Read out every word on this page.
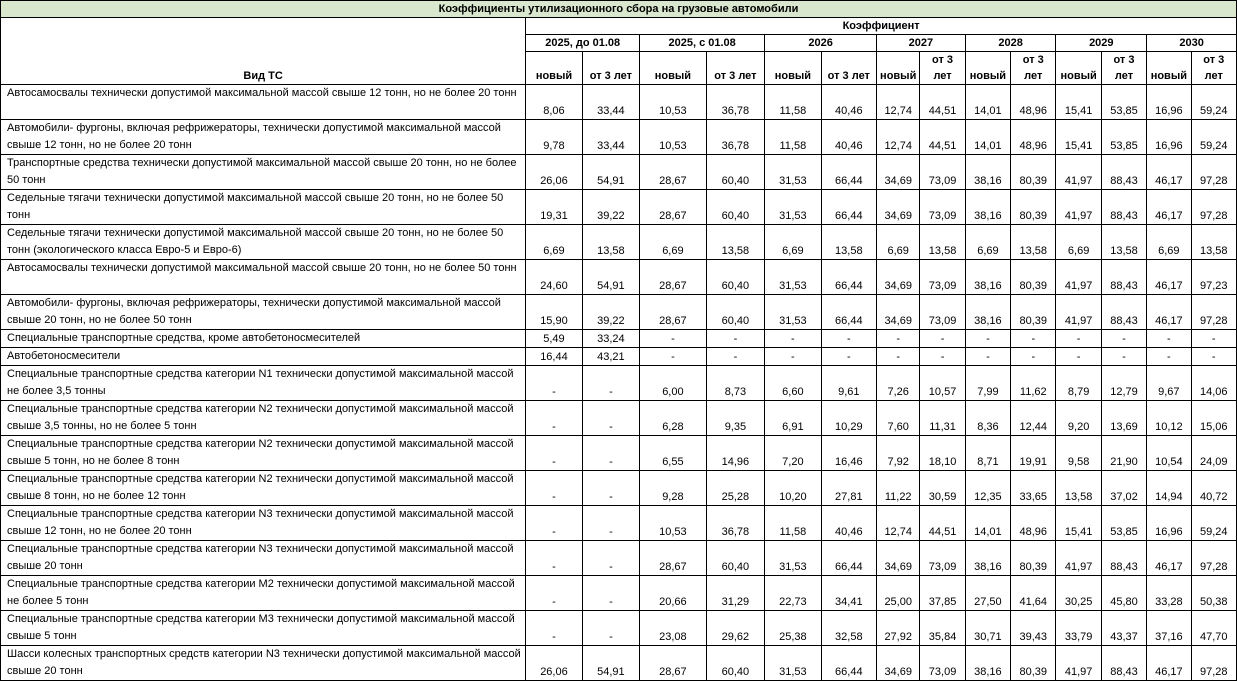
Коэффициенты утилизационного сбора на грузовые автомобили														
Вид ТС	Коэффициент													
	2025, до 01.08		2025, с 01.08		2026		2027		2028		2029		2030	
	новый	от 3 лет	новый	от 3 лет	новый	от 3 лет	новый	от 3	новый	от 3	новый	от 3	новый	от 3
								лет		лет		лет		лет
Автосамосвалы технически допустимой максимальной массой свыше 12 тонн, но не более 20 тонн	8,06	33,44	10,53	36,78	11,58	40,46	12,74	44,51	14,01	48,96	15,41	53,85	16,96	59,24
Автомобили- фургоны, включая рефрижераторы, технически допустимой максимальной массой свыше 12 тонн, но не более 20 тонн	9,78	33,44	10,53	36,78	11,58	40,46	12,74	44,51	14,01	48,96	15,41	53,85	16,96	59,24
Транспортные средства технически допустимой максимальной массой свыше 20 тонн, но не более 50 тонн	26,06	54,91	28,67	60,40	31,53	66,44	34,69	73,09	38,16	80,39	41,97	88,43	46,17	97,28
Седельные тягачи технически допустимой максимальной массой свыше 20 тонн, но не более 50 тонн	19,31	39,22	28,67	60,40	31,53	66,44	34,69	73,09	38,16	80,39	41,97	88,43	46,17	97,28
Седельные тягачи технически допустимой максимальной массой свыше 20 тонн, но не более 50 тонн (экологического класса Евро-5 и Евро-6)	6,69	13,58	6,69	13,58	6,69	13,58	6,69	13,58	6,69	13,58	6,69	13,58	6,69	13,58
Автосамосвалы технически допустимой максимальной массой свыше 20 тонн, но не более 50 тонн	24,60	54,91	28,67	60,40	31,53	66,44	34,69	73,09	38,16	80,39	41,97	88,43	46,17	97,23
Автомобили- фургоны, включая рефрижераторы, технически допустимой максимальной массой свыше 20 тонн, но не более 50 тонн	15,90	39,22	28,67	60,40	31,53	66,44	34,69	73,09	38,16	80,39	41,97	88,43	46,17	97,28
Специальные транспортные средства, кроме автобетоносмесителей	5,49	33,24	-	-	-	-	-	-	-	-	-	-	-	-
Автобетоносмесители	16,44	43,21	-	-	-	-	-	-	-	-	-	-	-	-
Специальные транспортные средства категории N1 технически допустимой максимальной массой не более 3,5 тонны	-	-	6,00	8,73	6,60	9,61	7,26	10,57	7,99	11,62	8,79	12,79	9,67	14,06
Специальные транспортные средства категории N2 технически допустимой максимальной массой свыше 3,5 тонны, но не более 5 тонн	-	-	6,28	9,35	6,91	10,29	7,60	11,31	8,36	12,44	9,20	13,69	10,12	15,06
Специальные транспортные средства категории N2 технически допустимой максимальной массой свыше 5 тонн, но не более 8 тонн	-	-	6,55	14,96	7,20	16,46	7,92	18,10	8,71	19,91	9,58	21,90	10,54	24,09
Специальные транспортные средства категории N2 технически допустимой максимальной массой свыше 8 тонн, но не более 12 тонн	-	-	9,28	25,28	10,20	27,81	11,22	30,59	12,35	33,65	13,58	37,02	14,94	40,72
Специальные транспортные средства категории N3 технически допустимой максимальной массой свыше 12 тонн, но не более 20 тонн	-	-	10,53	36,78	11,58	40,46	12,74	44,51	14,01	48,96	15,41	53,85	16,96	59,24
Специальные транспортные средства категории N3 технически допустимой максимальной массой свыше 20 тонн	-	-	28,67	60,40	31,53	66,44	34,69	73,09	38,16	80,39	41,97	88,43	46,17	97,28
Специальные транспортные средства категории M2 технически допустимой максимальной массой не более 5 тонн	-	-	20,66	31,29	22,73	34,41	25,00	37,85	27,50	41,64	30,25	45,80	33,28	50,38
Специальные транспортные средства категории M3 технически допустимой максимальной массой свыше 5 тонн	-	-	23,08	29,62	25,38	32,58	27,92	35,84	30,71	39,43	33,79	43,37	37,16	47,70
Шасси колесных транспортных средств категории N3 технически допустимой максимальной массой свыше 20 тонн	26,06	54,91	28,67	60,40	31,53	66,44	34,69	73,09	38,16	80,39	41,97	88,43	46,17	97,28
